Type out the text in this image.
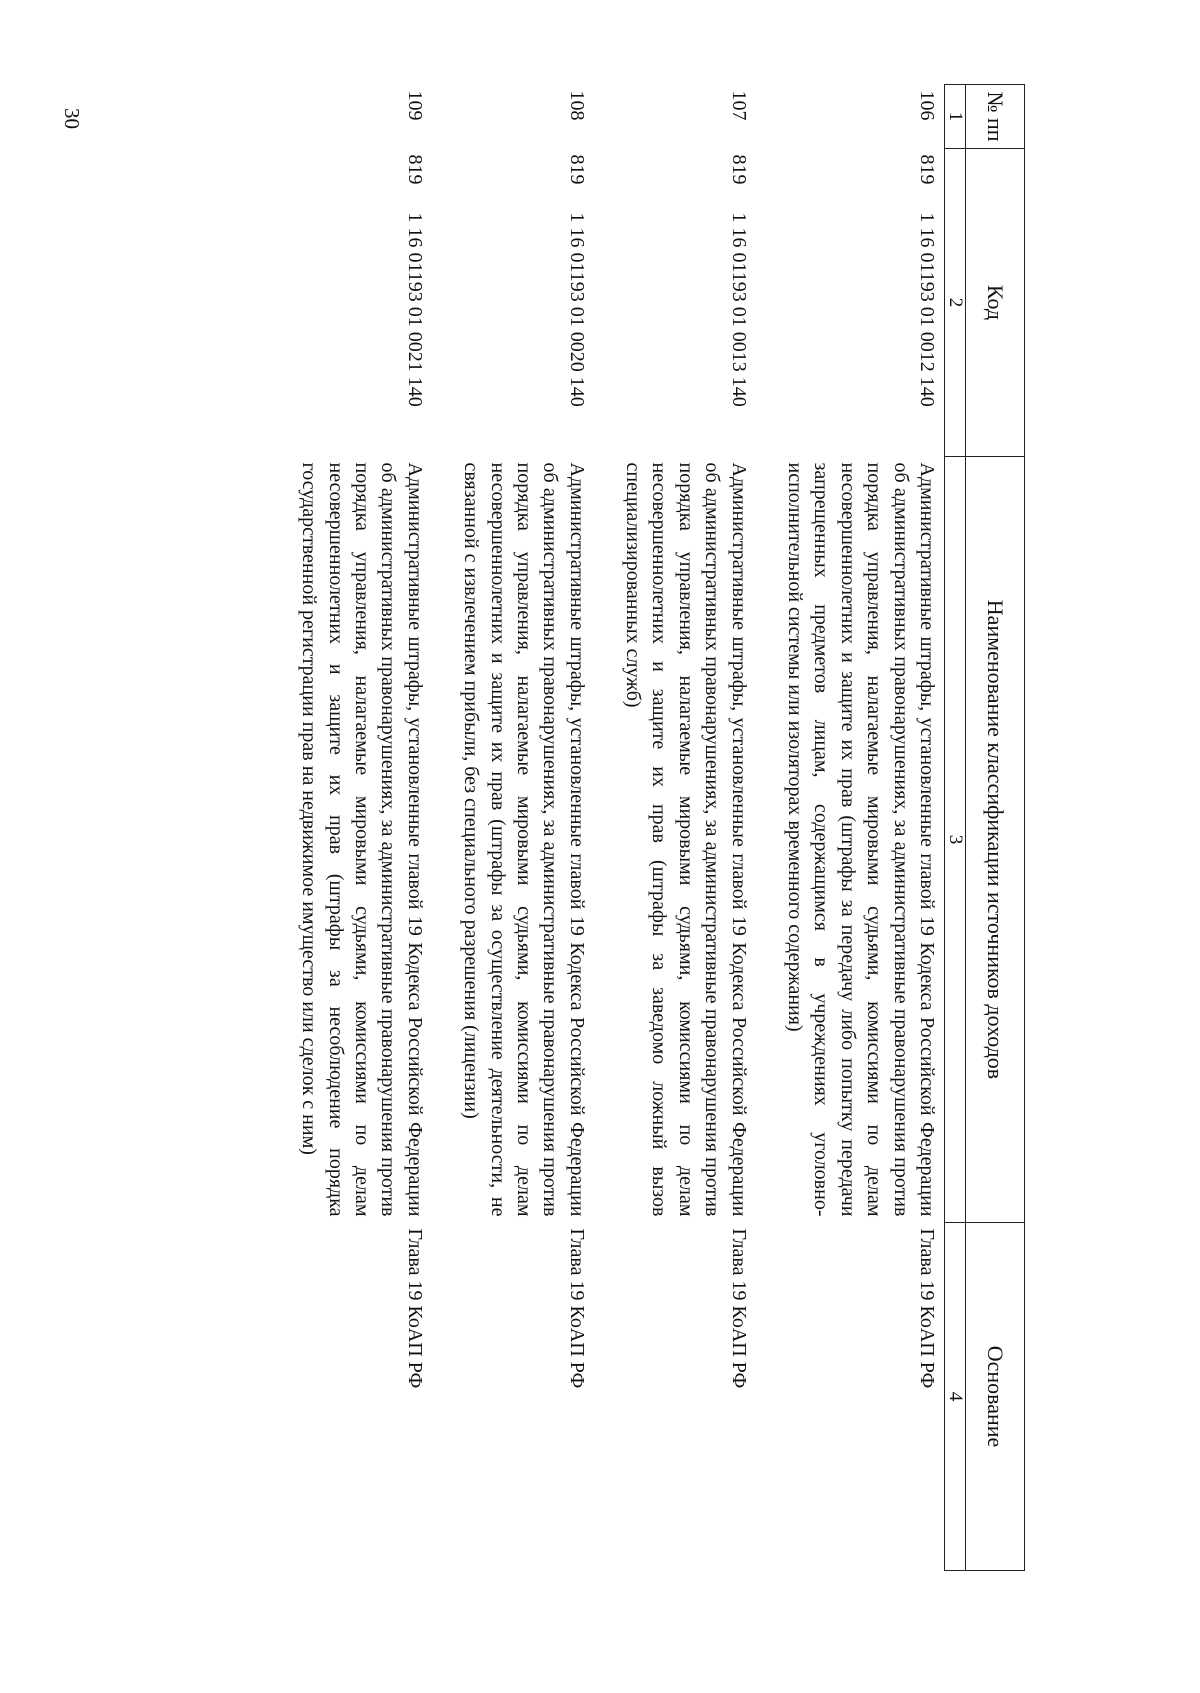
30	№ пп	Код	Наименование классификации источников доходов	Основание
1	2	3	4
106	8191 16 01193 01 0012 140	Административные штрафы, установленные главой 19 Кодекса Российской Федерации об административных правонарушениях, за административные правонарушения против порядка управления, налагаемые мировыми судьями, комиссиями по делам несовершеннолетних и защите их прав (штрафы за передачу либо попытку передачи запрещенных предметов лицам, содержащимся в учреждениях уголовно-исполнительной системы или изоляторах временного содержания)	Глава 19 КоАП РФ
107	8191 16 01193 01 0013 140	Административные штрафы, установленные главой 19 Кодекса Российской Федерации об административных правонарушениях, за административные правонарушения против порядка управления, налагаемые мировыми судьями, комиссиями по делам несовершеннолетних и защите их прав (штрафы за заведомо ложный вызов специализированных служб)	Глава 19 КоАП РФ
108	8191 16 01193 01 0020 140	Административные штрафы, установленные главой 19 Кодекса Российской Федерации об административных правонарушениях, за административные правонарушения против порядка управления, налагаемые мировыми судьями, комиссиями по делам несовершеннолетних и защите их прав (штрафы за осуществление деятельности, не связанной с извлечением прибыли, без специального разрешения (лицензии)	Глава 19 КоАП РФ
109	8191 16 01193 01 0021 140	Административные штрафы, установленные главой 19 Кодекса Российской Федерации об административных правонарушениях, за административные правонарушения против порядка управления, налагаемые мировыми судьями, комиссиями по делам несовершеннолетних и защите их прав (штрафы за несоблюдение порядка государственной регистрации прав на недвижимое имущество или сделок с ним)	Глава 19 КоАП РФ
